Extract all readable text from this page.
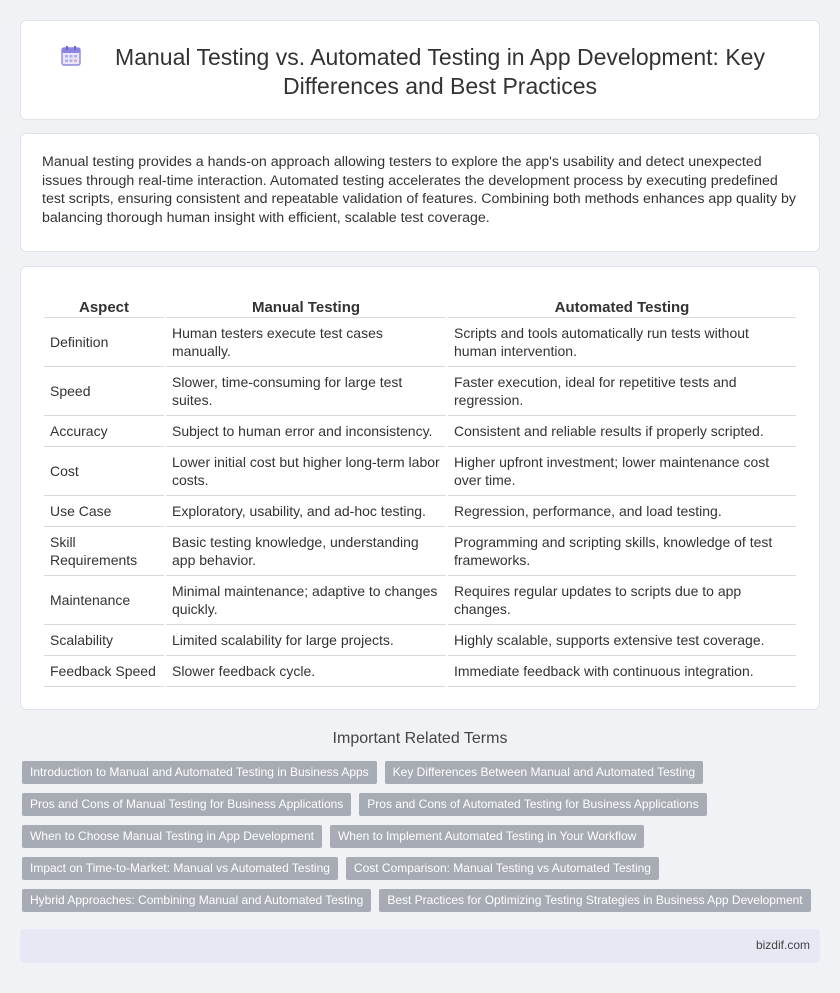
Manual Testing vs. Automated Testing in App Development: Key Differences and Best Practices

Manual testing provides a hands-on approach allowing testers to explore the app's usability and detect unexpected issues through real-time interaction. Automated testing accelerates the development process by executing predefined test scripts, ensuring consistent and repeatable validation of features. Combining both methods enhances app quality by balancing thorough human insight with efficient, scalable test coverage.

Aspect	Manual Testing	Automated Testing
Definition	Human testers execute test cases manually.	Scripts and tools automatically run tests without human intervention.
Speed	Slower, time-consuming for large test suites.	Faster execution, ideal for repetitive tests and regression.
Accuracy	Subject to human error and inconsistency.	Consistent and reliable results if properly scripted.
Cost	Lower initial cost but higher long-term labor costs.	Higher upfront investment; lower maintenance cost over time.
Use Case	Exploratory, usability, and ad-hoc testing.	Regression, performance, and load testing.
Skill Requirements	Basic testing knowledge, understanding app behavior.	Programming and scripting skills, knowledge of test frameworks.
Maintenance	Minimal maintenance; adaptive to changes quickly.	Requires regular updates to scripts due to app changes.
Scalability	Limited scalability for large projects.	Highly scalable, supports extensive test coverage.
Feedback Speed	Slower feedback cycle.	Immediate feedback with continuous integration.
Important Related Terms
Introduction to Manual and Automated Testing in Business Apps	Key Differences Between Manual and Automated Testing
Pros and Cons of Manual Testing for Business Applications	Pros and Cons of Automated Testing for Business Applications
When to Choose Manual Testing in App Development	When to Implement Automated Testing in Your Workflow
Impact on Time-to-Market: Manual vs Automated Testing	Cost Comparison: Manual Testing vs Automated Testing
Hybrid Approaches: Combining Manual and Automated Testing	Best Practices for Optimizing Testing Strategies in Business App Development
bizdif.com
